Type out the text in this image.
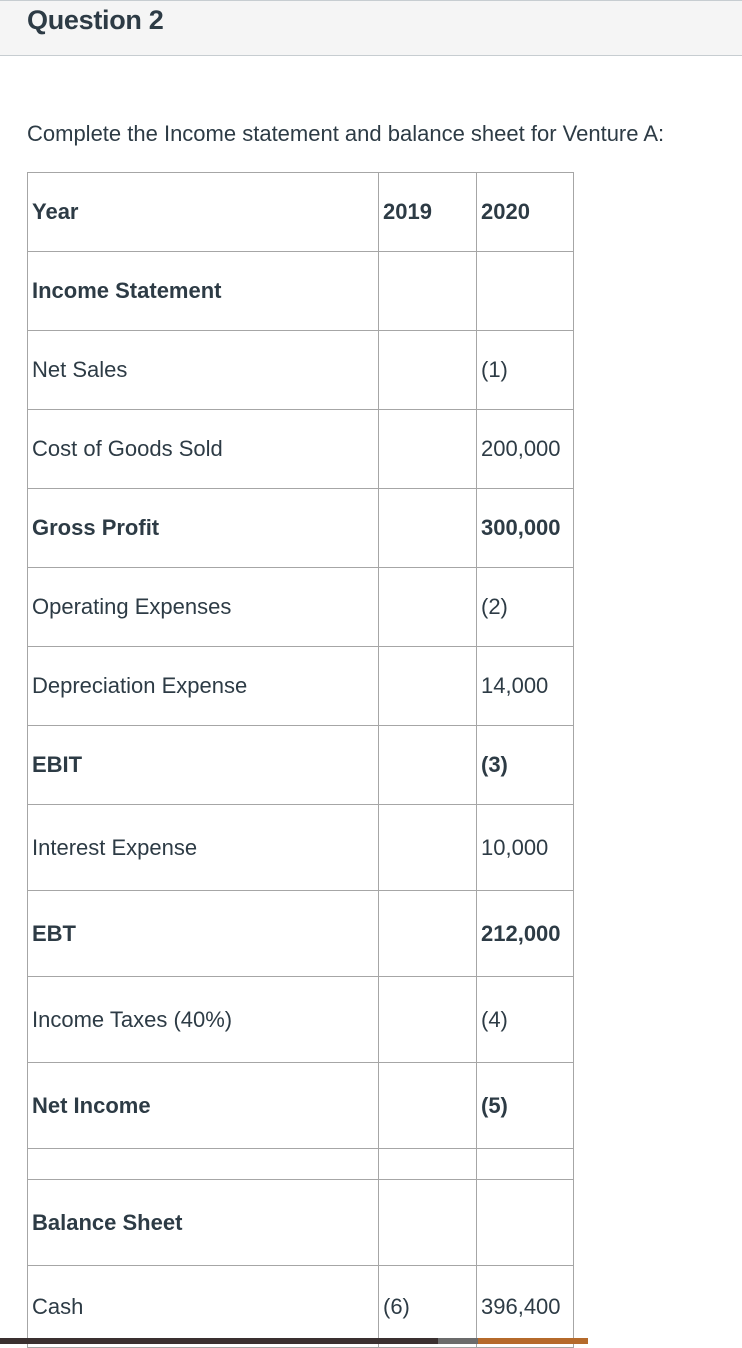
Question 2
Complete the Income statement and balance sheet for Venture A:
Year	2019	2020
Income Statement		
Net Sales		(1)
Cost of Goods Sold		200,000
Gross Profit		300,000
Operating Expenses		(2)
Depreciation Expense		14,000
EBIT		(3)
Interest Expense		10,000
EBT		212,000
Income Taxes (40%)		(4)
Net Income		(5)

Balance Sheet		
Cash	(6)	396,400
